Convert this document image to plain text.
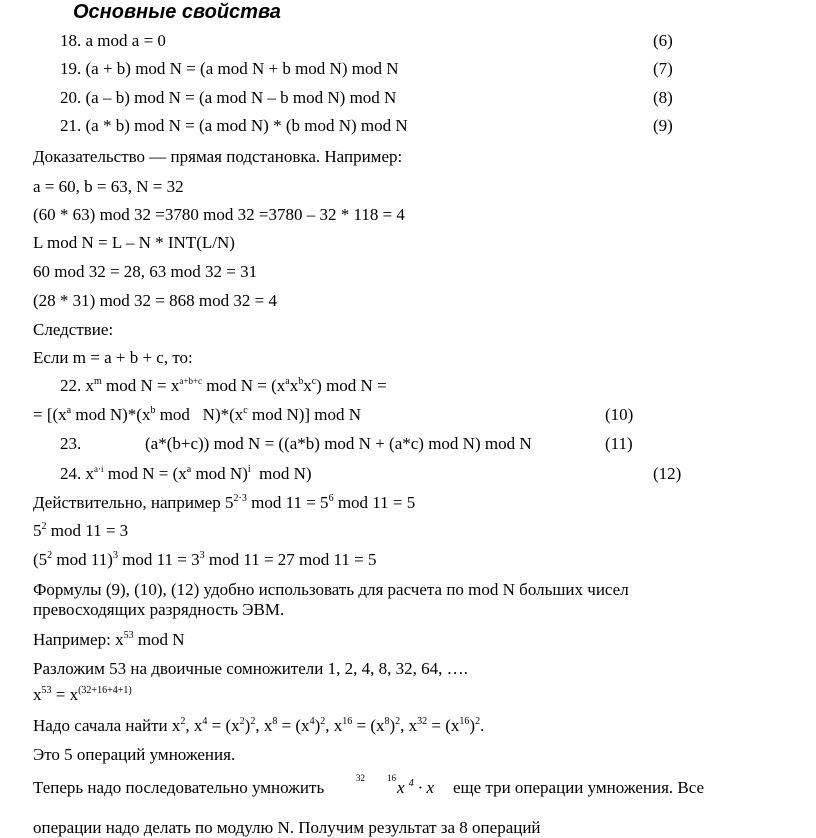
Основные свойства
18. a mod a = 0	(6)
19. (a + b) mod N = (a mod N + b mod N) mod N	(7)
20. (a – b) mod N = (a mod N – b mod N) mod N	(8)
21. (a * b) mod N = (a mod N) * (b mod N) mod N	(9)
Доказательство — прямая подстановка. Например:
a = 60, b = 63, N = 32
(60 * 63) mod 32 =3780 mod 32 =3780 – 32 * 118 = 4
L mod N = L – N * INT(L/N)
60 mod 32 = 28, 63 mod 32 = 31
(28 * 31) mod 32 = 868 mod 32 = 4
Следствие:
Если m = a + b + c, то:
22. $x^m$ mod $N = x^{a+b+c}$ mod $N = (x^ax^bx^c)$ mod N =
= [($x^a$ mod $N)*(x^b$ mod   $N)*(x^c$ mod N)] mod N	(10)
23.	(a*(b+c)) mod N = ((a*b) mod N + (a*c) mod N) mod N	(11)
24. $x^{a\cdot i}$ mod $N = (x^a$ mod N)$^i$  mod N)	(12)
Действительно, например $5^{2\cdot 3}$ mod $11 = 5^6$ mod 11 = 5
$5^2$ mod 11 = 3
($5^2$ mod 11)$^3$ mod $11 = 3^3$ mod 11 = 27 mod 11 = 5
Формулы (9), (10), (12) удобно использовать для расчета по mod N больших чисел
превосходящих разрядность ЭВМ.
Например: $x^{53}$ mod N
Разложим 53 на двоичные сомножители 1, 2, 4, 8, 32, 64, ….
$x^{53} = x^{(32+16+4+1)}$
Надо сачала найти $x^2$, $x^4 = (x^2)^2$, $x^8 = (x^4)^2$, $x^{16} = (x^8)^2$, $x^{32} = (x^{16})^2$.
Это 5 операций умножения.
Теперь надо последовательно умножить	32 16 x $^4$ · x еще три операции умножения. Все
операции надо делать по модулю N. Получим результат за 8 операций
